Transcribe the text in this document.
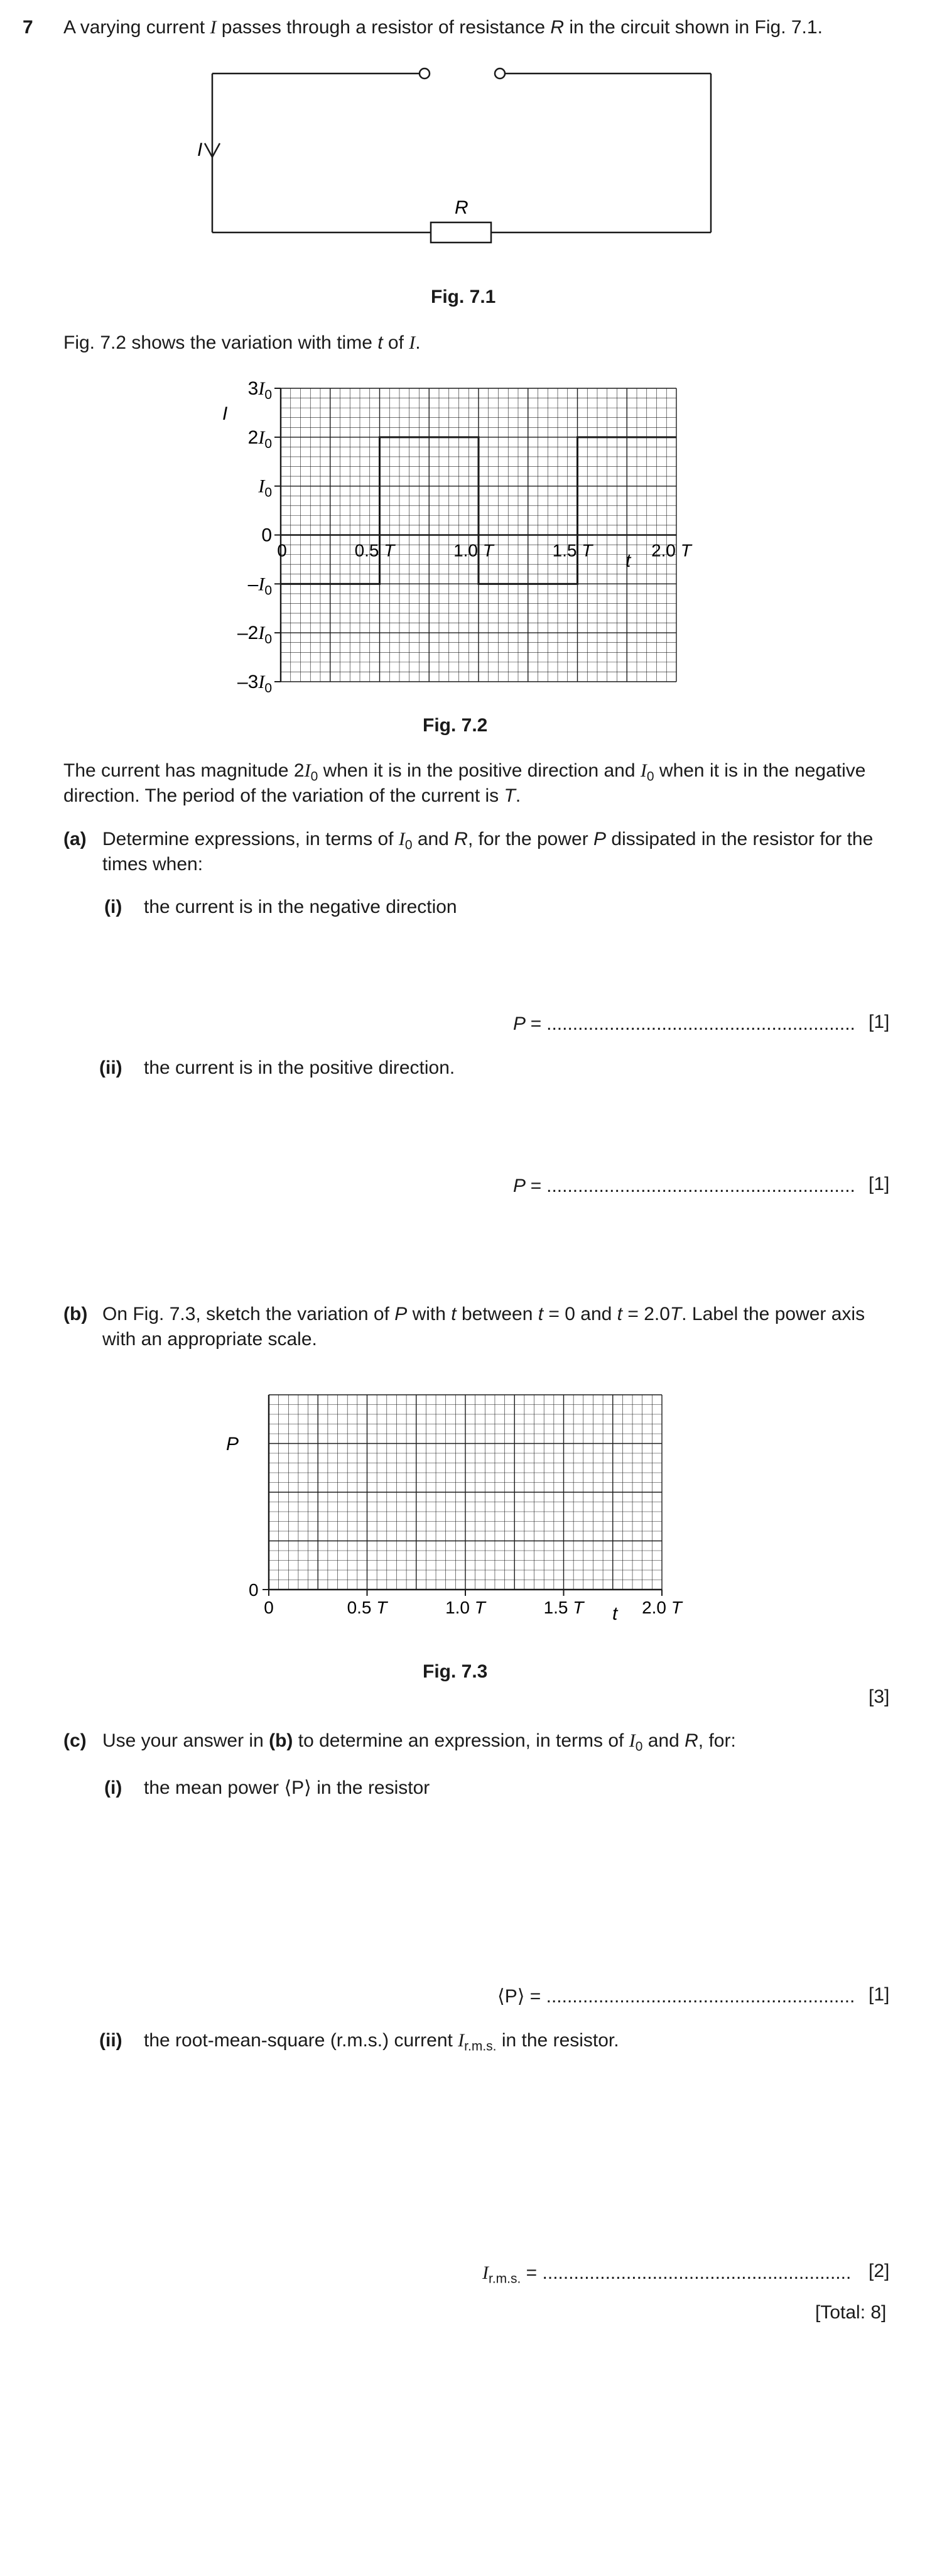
7 A varying current I passes through a resistor of resistance R in the circuit shown in Fig. 7.1.
I
R
Fig. 7.1
Fig. 7.2 shows the variation with time t of I.
$3I_0$
$2I_0$
$I_0$
0
$-I_0$
$-2I_0$
$-3I_0$
0	0.5 T	1.0 T	1.5 T	2.0 T
I
t
Fig. 7.2
The current has magnitude $2I_0$ when it is in the positive direction and $I_0$ when it is in the negative
direction. The period of the variation of the current is T.
(a) Determine expressions, in terms of $I_0$ and R, for the power P dissipated in the resistor for the
times when:
(i) the current is in the negative direction
P = ........................................................... [1]
(ii) the current is in the positive direction.
P = ........................................................... [1]
(b) On Fig. 7.3, sketch the variation of P with t between t = 0 and t = 2.0T. Label the power axis
with an appropriate scale.
0	0.5 T	1.0 T	1.5 T	2.0 T
P
0
t
Fig. 7.3
[3]
(c) Use your answer in (b) to determine an expression, in terms of $I_0$ and R, for:
(i) the mean power ⟨P⟩ in the resistor
⟨P⟩ = ........................................................... [1]
(ii) the root-mean-square (r.m.s.) current $I_{r.m.s.}$ in the resistor.
$I_{r.m.s.}$ = ........................................................... [2]
[Total: 8]
